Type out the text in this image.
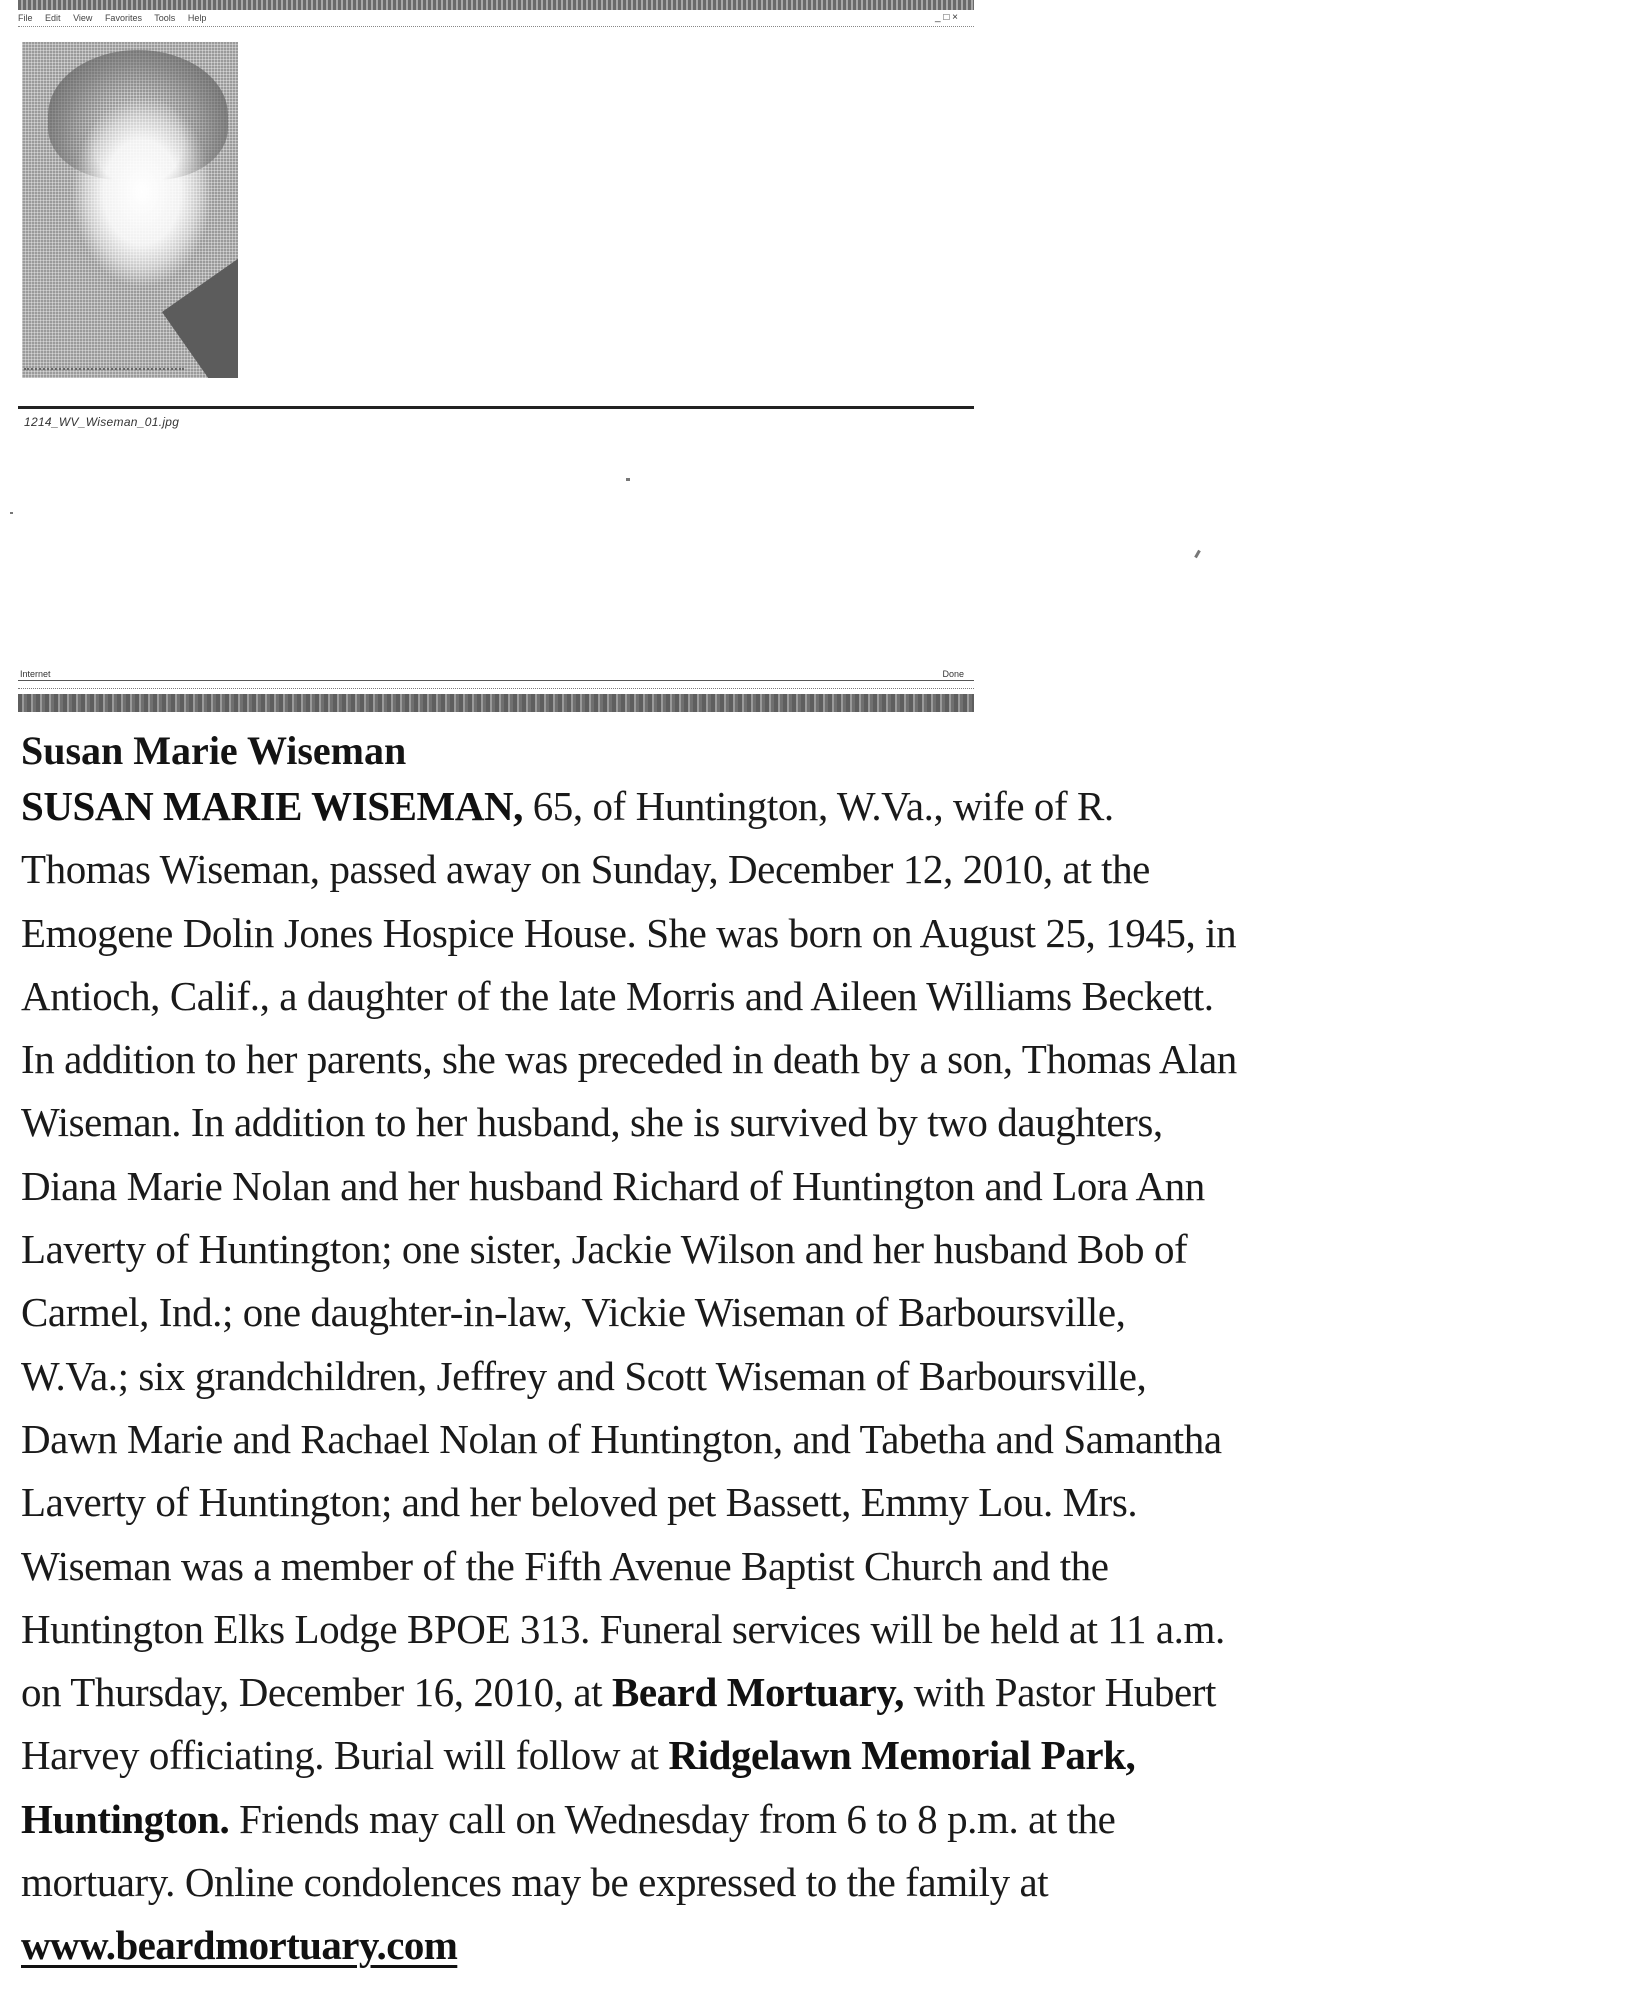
File Edit View Favorites Tools Help	_ □ ×
1214_WV_Wiseman_01.jpg
Internet	Done
Susan Marie Wiseman

SUSAN MARIE WISEMAN, 65, of Huntington, W.Va., wife of R.
Thomas Wiseman, passed away on Sunday, December 12, 2010, at the
Emogene Dolin Jones Hospice House. She was born on August 25, 1945, in
Antioch, Calif., a daughter of the late Morris and Aileen Williams Beckett.
In addition to her parents, she was preceded in death by a son, Thomas Alan
Wiseman. In addition to her husband, she is survived by two daughters,
Diana Marie Nolan and her husband Richard of Huntington and Lora Ann
Laverty of Huntington; one sister, Jackie Wilson and her husband Bob of
Carmel, Ind.; one daughter-in-law, Vickie Wiseman of Barboursville,
W.Va.; six grandchildren, Jeffrey and Scott Wiseman of Barboursville,
Dawn Marie and Rachael Nolan of Huntington, and Tabetha and Samantha
Laverty of Huntington; and her beloved pet Bassett, Emmy Lou. Mrs.
Wiseman was a member of the Fifth Avenue Baptist Church and the
Huntington Elks Lodge BPOE 313. Funeral services will be held at 11 a.m.
on Thursday, December 16, 2010, at Beard Mortuary, with Pastor Hubert
Harvey officiating. Burial will follow at Ridgelawn Memorial Park,
Huntington. Friends may call on Wednesday from 6 to 8 p.m. at the
mortuary. Online condolences may be expressed to the family at
www.beardmortuary.com
